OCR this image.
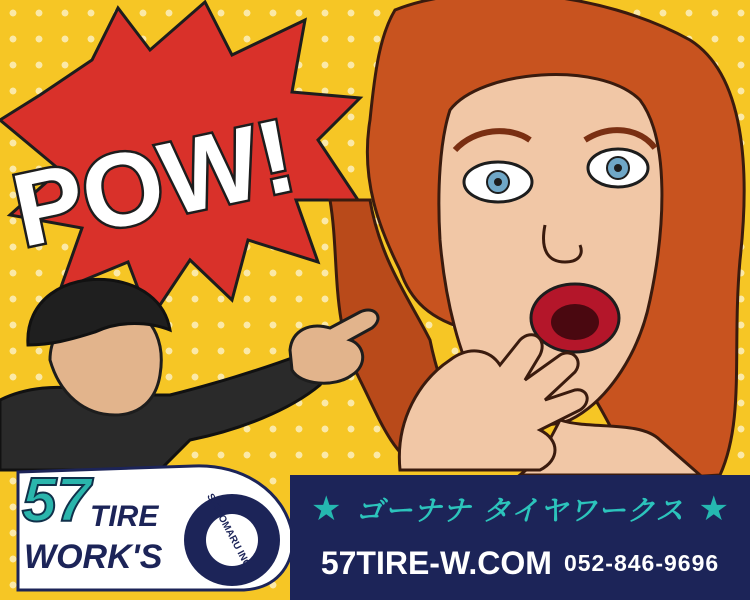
POW!
57 TIRE
WORK'S	SHIROMARU INC. ★ ゴーナナ タイヤワークス ★
57TIRE-W.COM 052-846-9696
